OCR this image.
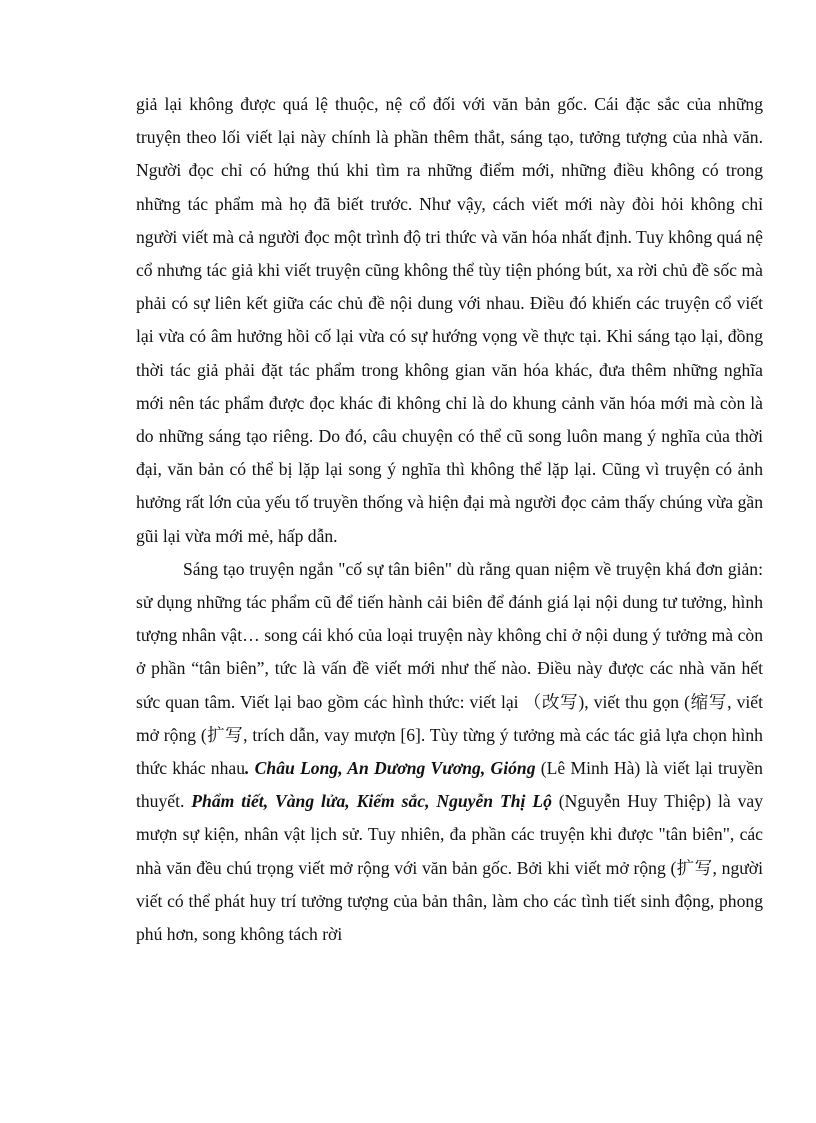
giả lại không được quá lệ thuộc, nệ cổ đối với văn bản gốc. Cái đặc sắc của những truyện theo lối viết lại này chính là phần thêm thắt, sáng tạo, tưởng tượng của nhà văn. Người đọc chỉ có hứng thú khi tìm ra những điểm mới, những điều không có trong những tác phẩm mà họ đã biết trước. Như vậy, cách viết mới này đòi hỏi không chỉ người viết mà cả người đọc một trình độ tri thức và văn hóa nhất định. Tuy không quá nệ cổ nhưng tác giả khi viết truyện cũng không thể tùy tiện phóng bút, xa rời chủ đề sốc mà phải có sự liên kết giữa các chủ đề nội dung với nhau. Điều đó khiến các truyện cổ viết lại vừa có âm hưởng hồi cố lại vừa có sự hướng vọng về thực tại. Khi sáng tạo lại, đồng thời tác giả phải đặt tác phẩm trong không gian văn hóa khác, đưa thêm những nghĩa mới nên tác phẩm được đọc khác đi không chỉ là do khung cảnh văn hóa mới mà còn là do những sáng tạo riêng. Do đó, câu chuyện có thể cũ song luôn mang ý nghĩa của thời đại, văn bản có thể bị lặp lại song ý nghĩa thì không thể lặp lại. Cũng vì truyện có ảnh hưởng rất lớn của yếu tố truyền thống và hiện đại mà người đọc cảm thấy chúng vừa gần gũi lại vừa mới mẻ, hấp dẫn.

Sáng tạo truyện ngắn "cố sự tân biên" dù rằng quan niệm về truyện khá đơn giản: sử dụng những tác phẩm cũ để tiến hành cải biên để đánh giá lại nội dung tư tưởng, hình tượng nhân vật… song cái khó của loại truyện này không chỉ ở nội dung ý tưởng mà còn ở phần “tân biên”, tức là vấn đề viết mới như thế nào. Điều này được các nhà văn hết sức quan tâm. Viết lại bao gồm các hình thức: viết lại （改写), viết thu gọn (缩写, viết mở rộng (扩写, trích dẫn, vay mượn [6]. Tùy từng ý tưởng mà các tác giả lựa chọn hình thức khác nhau. Châu Long, An Dương Vương, Gióng (Lê Minh Hà) là viết lại truyền thuyết. Phẩm tiết, Vàng lửa, Kiếm sắc, Nguyễn Thị Lộ (Nguyễn Huy Thiệp) là vay mượn sự kiện, nhân vật lịch sử. Tuy nhiên, đa phần các truyện khi được "tân biên", các nhà văn đều chú trọng viết mở rộng với văn bản gốc. Bởi khi viết mở rộng (扩写, người viết có thể phát huy trí tưởng tượng của bản thân, làm cho các tình tiết sinh động, phong phú hơn, song không tách rời
